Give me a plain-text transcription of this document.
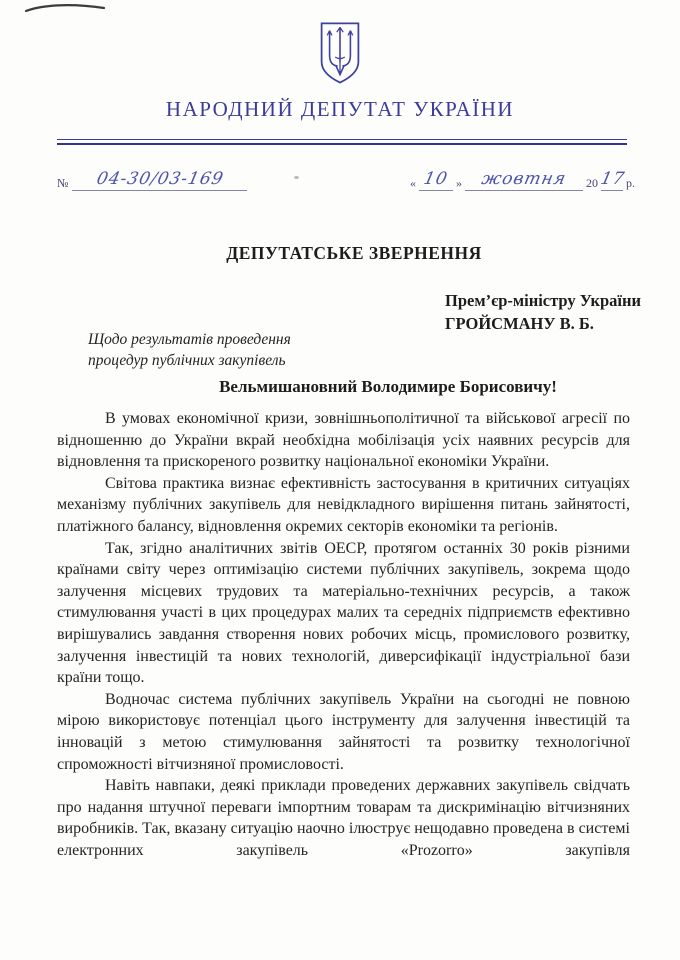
НАРОДНИЙ ДЕПУТАТ УКРАЇНИ
№	04-30/03-169	« 10 »	жовтня	20 17 р.
ДЕПУТАТСЬКЕ ЗВЕРНЕННЯ
Прем’єр-міністру України
ГРОЙСМАНУ В. Б.
Щодо результатів проведення
процедур публічних закупівель
Вельмишановний Володимире Борисовичу!

В умовах економічної кризи, зовнішньополітичної та військової агресії по відношенню до України вкрай необхідна мобілізація усіх наявних ресурсів для відновлення та прискореного розвитку національної економіки України.

Світова практика визнає ефективність застосування в критичних ситуаціях механізму публічних закупівель для невідкладного вирішення питань зайнятості, платіжного балансу, відновлення окремих секторів економіки та регіонів.

Так, згідно аналітичних звітів ОЕСР, протягом останніх 30 років різними країнами світу через оптимізацію системи публічних закупівель, зокрема щодо залучення місцевих трудових та матеріально-технічних ресурсів, а також стимулювання участі в цих процедурах малих та середніх підприємств ефективно вирішувались завдання створення нових робочих місць, промислового розвитку, залучення інвестицій та нових технологій, диверсифікації індустріальної бази країни тощо.

Водночас система публічних закупівель України на сьогодні не повною мірою використовує потенціал цього інструменту для залучення інвестицій та інновацій з метою стимулювання зайнятості та розвитку технологічної спроможності вітчизняної промисловості.

Навіть навпаки, деякі приклади проведених державних закупівель свідчать про надання штучної переваги імпортним товарам та дискримінацію вітчизняних виробників. Так, вказану ситуацію наочно ілюструє нещодавно проведена в системі електронних закупівель «Prozorro» закупівля
